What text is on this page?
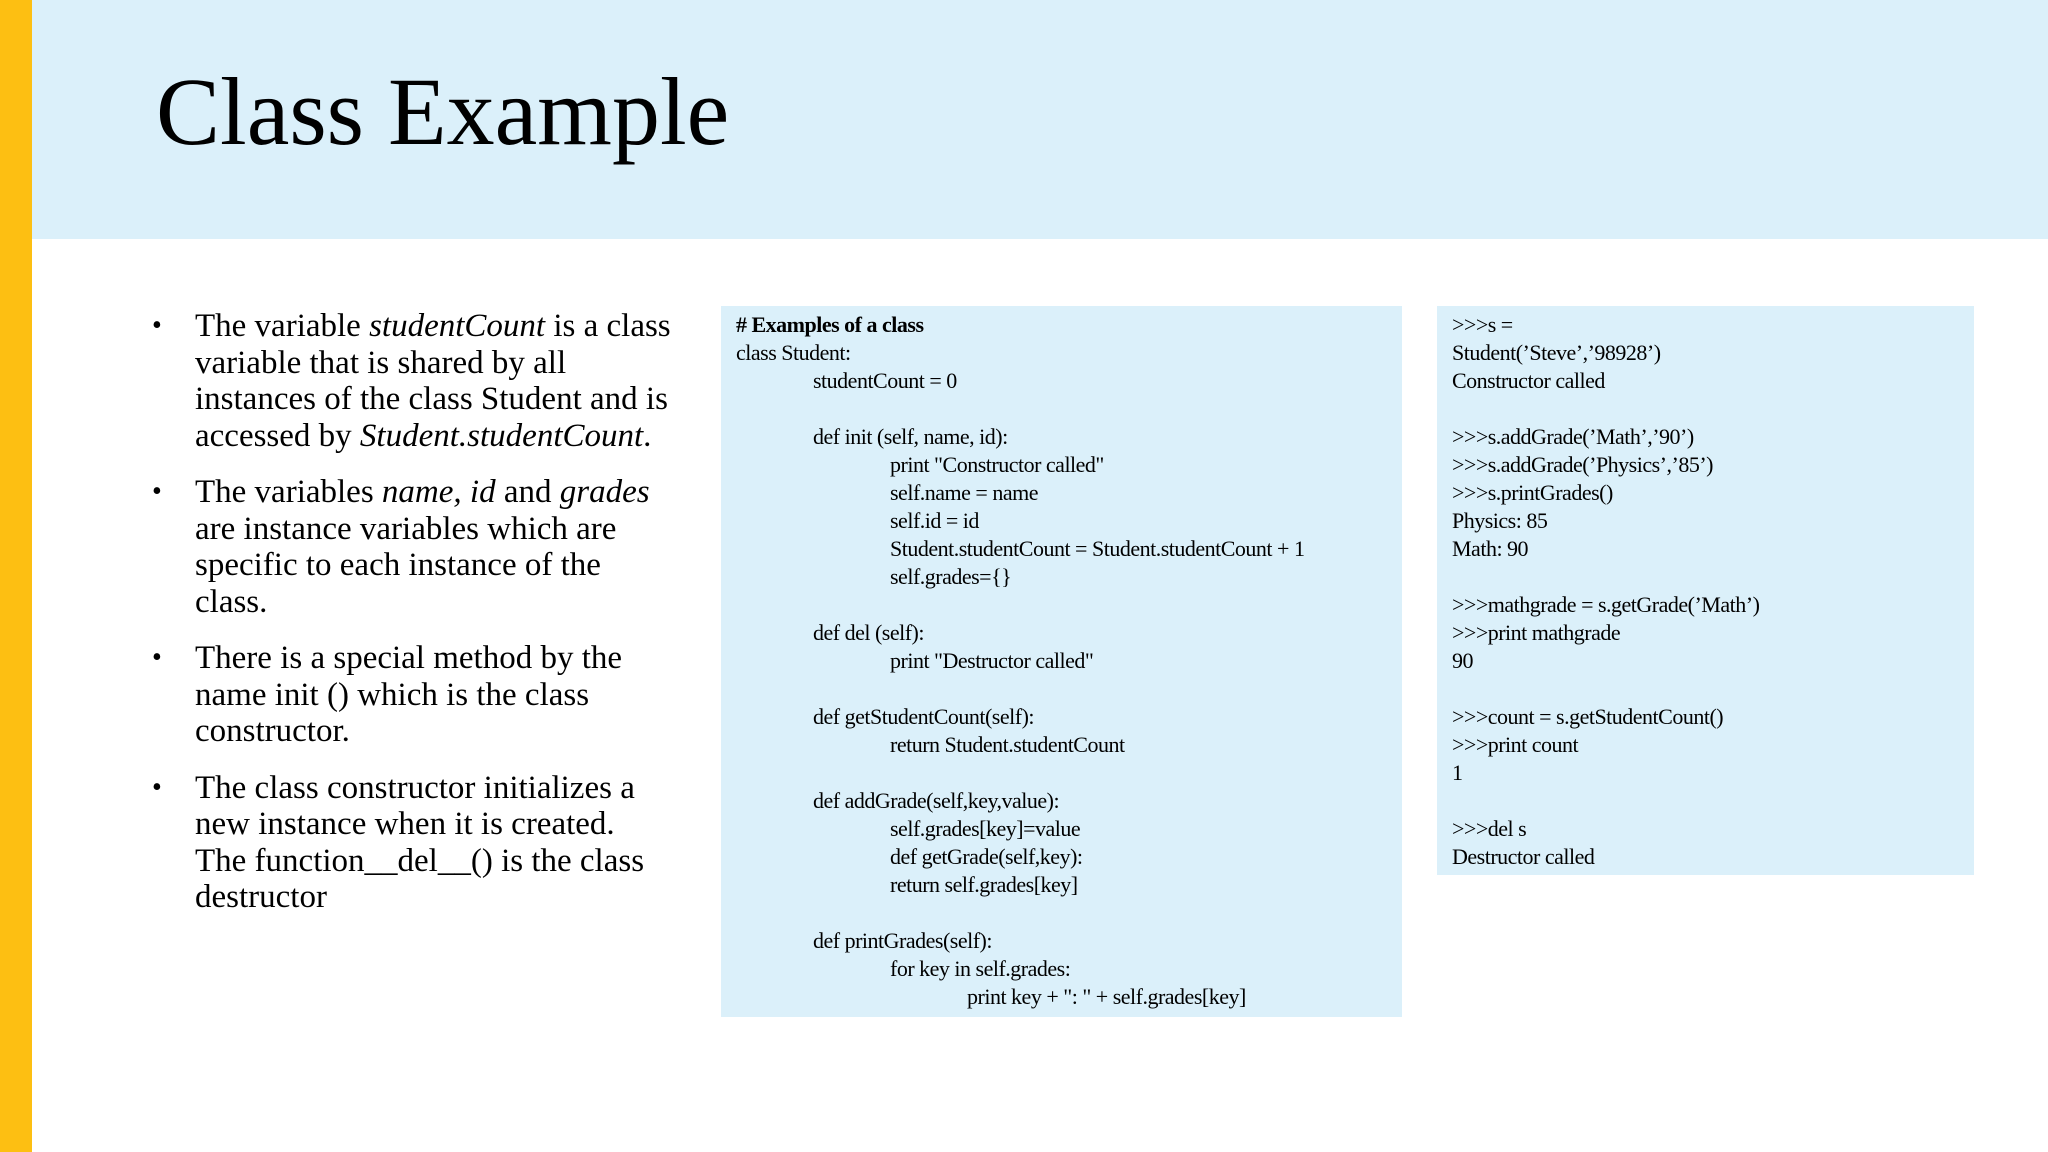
Class Example
• The variable studentCount is a class variable that is shared by all instances of the class Student and is accessed by Student.studentCount.
• The variables name, id and grades are instance variables which are specific to each instance of the class.
• There is a special method by the name init () which is the class constructor.
• The class constructor initializes a new instance when it is created. The function__del__() is the class destructor
# Examples of a class
class Student:
studentCount = 0
def init (self, name, id):
print "Constructor called"
self.name = name
self.id = id
Student.studentCount = Student.studentCount + 1
self.grades={}
def del (self):
print "Destructor called"
def getStudentCount(self):
return Student.studentCount
def addGrade(self,key,value):
self.grades[key]=value
def getGrade(self,key):
return self.grades[key]
def printGrades(self):
for key in self.grades:
print key + ": " + self.grades[key]
>>>s =
Student(’Steve’,’98928’)
Constructor called
>>>s.addGrade(’Math’,’90’)
>>>s.addGrade(’Physics’,’85’)
>>>s.printGrades()
Physics: 85
Math: 90
>>>mathgrade = s.getGrade(’Math’)
>>>print mathgrade
90
>>>count = s.getStudentCount()
>>>print count
1
>>>del s
Destructor called
